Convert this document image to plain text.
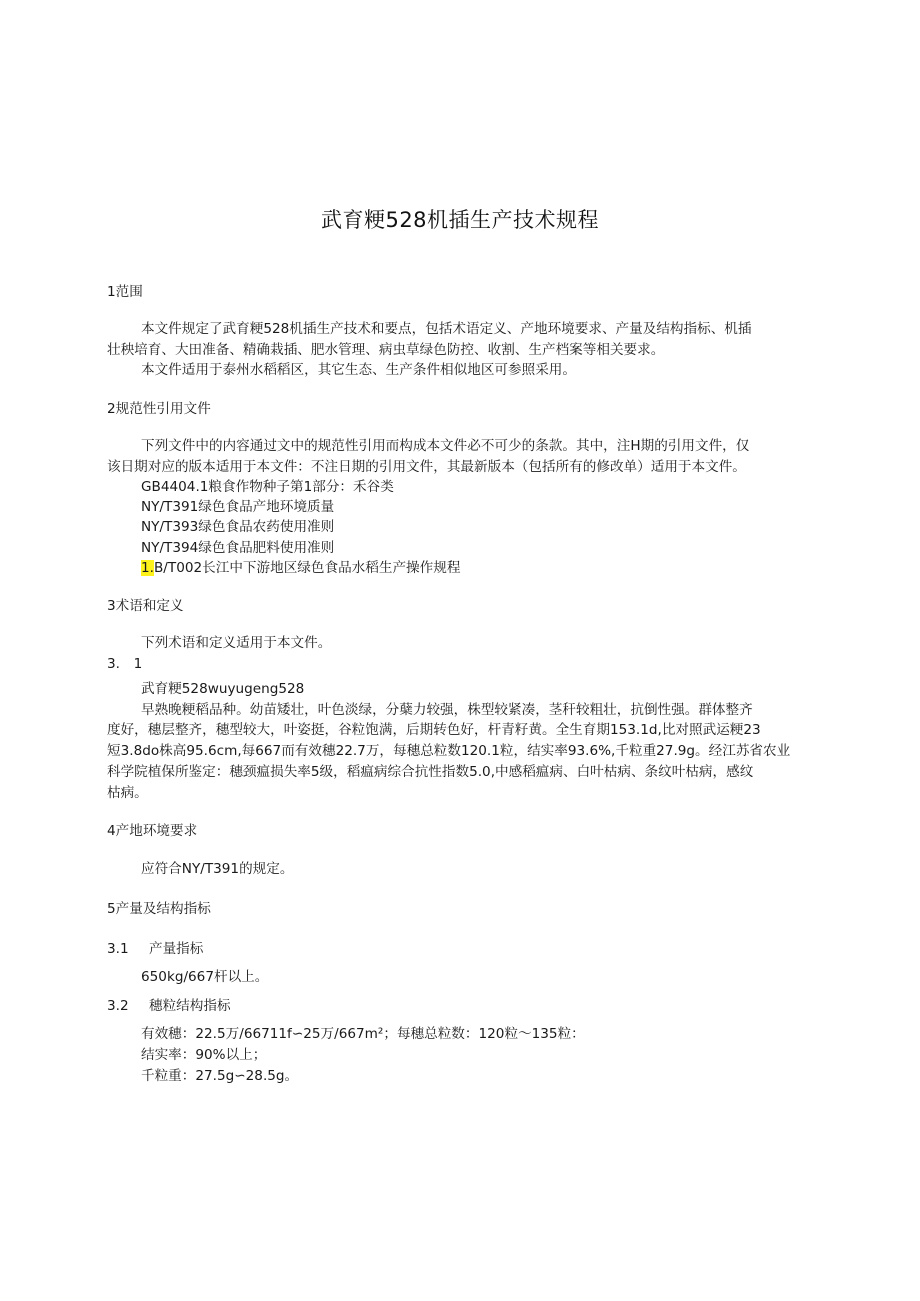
武育粳528机插生产技术规程
1范围
本文件规定了武育粳528机插生产技术和要点，包括术语定义、产地环境要求、产量及结构指标、机插
壮秧培育、大田准备、精确栽插、肥水管理、病虫草绿色防控、收割、生产档案等相关要求。
本文件适用于泰州水稻稻区，其它生态、生产条件相似地区可参照采用。
2规范性引用文件
下列文件中的内容通过文中的规范性引用而构成本文件必不可少的条款。其中，注H期的引用文件，仅
该日期对应的版本适用于本文件：不注日期的引用文件，其最新版本（包括所有的修改单）适用于本文件。
GB4404.1粮食作物种子第1部分：禾谷类
NY/T391绿色食品产地环境质量
NY/T393绿色食品农药使用准则
NY/T394绿色食品肥料使用准则
1.B/T002长江中下游地区绿色食品水稻生产操作规程
3术语和定义
下列术语和定义适用于本文件。
3.　1
武育粳528wuyugeng528
早熟晚粳稻品种。幼苗矮壮，叶色淡绿，分蘖力较强，株型较紧凑，茎秆较粗壮，抗倒性强。群体整齐
度好，穗层整齐，穗型较大，叶姿挺，谷粒饱满，后期转色好，杆青籽黄。全生育期153.1d,比对照武运粳23
短3.8do株高95.6cm,每667而有效穗22.7万，每穗总粒数120.1粒，结实率93.6%,千粒重27.9g。经江苏省农业
科学院植保所鉴定：穗颈瘟损失率5级，稻瘟病综合抗性指数5.0,中感稻瘟病、白叶枯病、条纹叶枯病，感纹
枯病。
4产地环境要求
应符合NY/T391的规定。
5产量及结构指标
3.1 产量指标
650kg∕667杆以上。
3.2 穗粒结构指标
有效穗：22.5万/66711f∽25万/667m²；每穗总粒数：120粒～135粒：
结实率：90%以上；
千粒重：27.5g∽28.5g。
